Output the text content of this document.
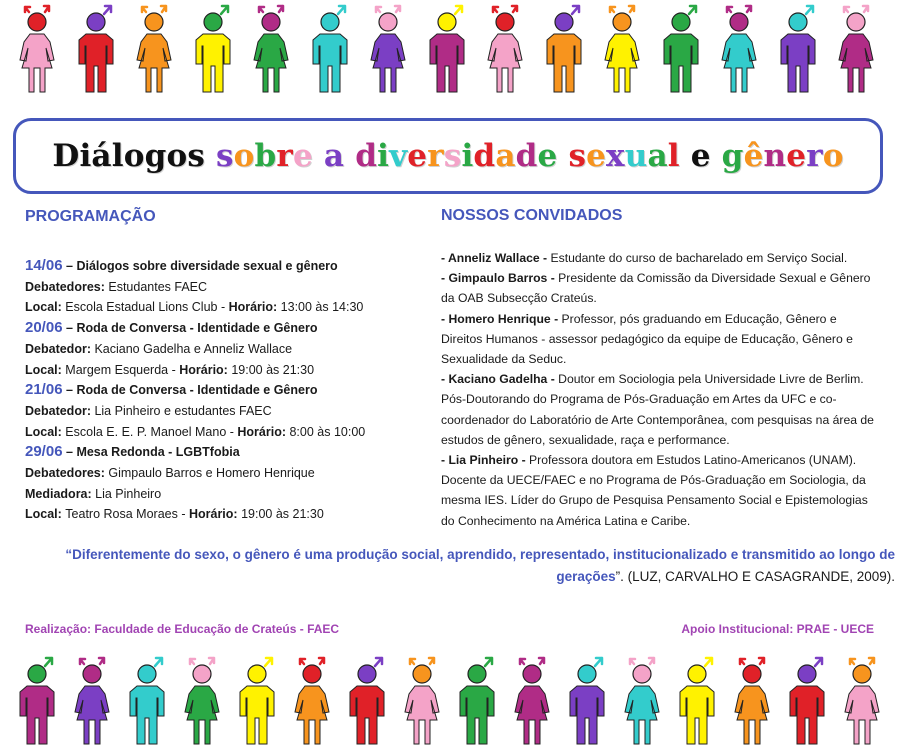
Diálogos sobre a diversidade sexual e gênero
PROGRAMAÇÃO
14/06 – Diálogos sobre diversidade sexual e gênero
Debatedores: Estudantes FAEC
Local: Escola Estadual Lions Club - Horário: 13:00 às 14:30
20/06 – Roda de Conversa - Identidade e Gênero
Debatedor: Kaciano Gadelha e Anneliz Wallace
Local: Margem Esquerda - Horário: 19:00 às 21:30
21/06 – Roda de Conversa - Identidade e Gênero
Debatedor: Lia Pinheiro e estudantes FAEC
Local: Escola E. E. P. Manoel Mano - Horário: 8:00 às 10:00
29/06 – Mesa Redonda - LGBTfobia
Debatedores: Gimpaulo Barros e Homero Henrique
Mediadora: Lia Pinheiro
Local: Teatro Rosa Moraes - Horário: 19:00 às 21:30
NOSSOS CONVIDADOS

- Anneliz Wallace - Estudante do curso de bacharelado em Serviço Social.

- Gimpaulo Barros - Presidente da Comissão da Diversidade Sexual e Gênero da OAB Subsecção Crateús.

- Homero Henrique - Professor, pós graduando em Educação, Gênero e Direitos Humanos - assessor pedagógico da equipe de Educação, Gênero e Sexualidade da Seduc.

- Kaciano Gadelha - Doutor em Sociologia pela Universidade Livre de Berlim. Pós-Doutorando do Programa de Pós-Graduação em Artes da UFC e co-coordenador do Laboratório de Arte Contemporânea, com pesquisas na área de estudos de gênero, sexualidade, raça e performance.

- Lia Pinheiro - Professora doutora em Estudos Latino-Americanos (UNAM). Docente da UECE/FAEC e no Programa de Pós-Graduação em Sociologia, da mesma IES. Líder do Grupo de Pesquisa Pensamento Social e Epistemologias do Conhecimento na América Latina e Caribe.

“Diferentemente do sexo, o gênero é uma produção social, aprendido, representado, institucionalizado e transmitido ao longo de gerações”. (LUZ, CARVALHO E CASAGRANDE, 2009).
Realização: Faculdade de Educação de Crateús - FAEC	Apoio Institucional: PRAE - UECE
